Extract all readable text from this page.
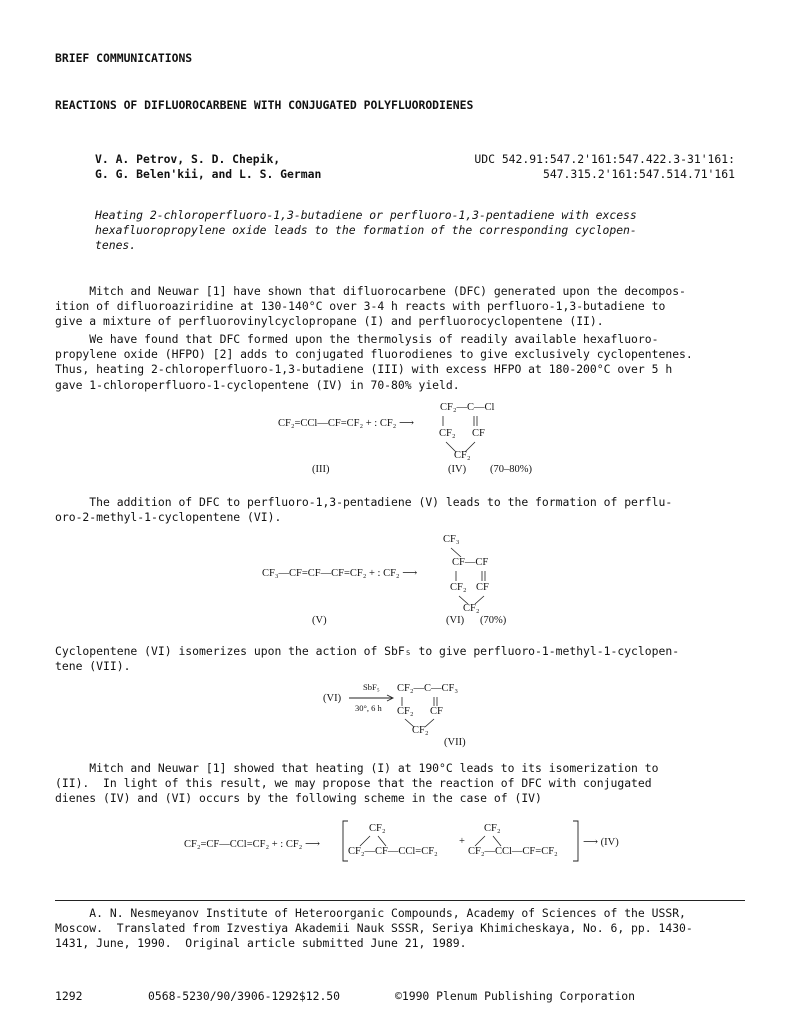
BRIEF COMMUNICATIONS
REACTIONS OF DIFLUOROCARBENE WITH CONJUGATED POLYFLUORODIENES
V. A. Petrov, S. D. Chepik,
G. G. Belen'kii, and L. S. German
UDC 542.91:547.2'161:547.422.3-31'161:
547.315.2'161:547.514.71'161
Heating 2-chloroperfluoro-1,3-butadiene or perfluoro-1,3-pentadiene with excess
hexafluoropropylene oxide leads to the formation of the corresponding cyclopen-
tenes.
Mitch and Neuwar [1] have shown that difluorocarbene (DFC) generated upon the decompos-
ition of difluoroaziridine at 130-140°C over 3-4 h reacts with perfluoro-1,3-butadiene to
give a mixture of perfluorovinylcyclopropane (I) and perfluorocyclopentene (II).
We have found that DFC formed upon the thermolysis of readily available hexafluoro-
propylene oxide (HFPO) [2] adds to conjugated fluorodienes to give exclusively cyclopentenes.
Thus, heating 2-chloroperfluoro-1,3-butadiene (III) with excess HFPO at 180-200°C over 5 h
gave 1-chloroperfluoro-1-cyclopentene (IV) in 70-80% yield.
CF₂=CCl—CF=CF₂ + : CF₂ ⟶
CF₂—C—Cl
CF₂ CF
CF₂
(III)	(IV) (70–80%)
The addition of DFC to perfluoro-1,3-pentadiene (V) leads to the formation of perflu-
oro-2-methyl-1-cyclopentene (VI).
CF₃
CF₃—CF=CF—CF=CF₂ + : CF₂ ⟶
CF—CF
CF₂ CF
CF₂
(V)	(VI) (70%)
Cyclopentene (VI) isomerizes upon the action of SbF₅ to give perfluoro-1-methyl-1-cyclopen-
tene (VII).
(VI)
SbF₅
30°, 6 h
CF₂—C—CF₃
CF₂ CF
CF₂
(VII)
Mitch and Neuwar [1] showed that heating (I) at 190°C leads to its isomerization to
(II).  In light of this result, we may propose that the reaction of DFC with conjugated
dienes (IV) and (VI) occurs by the following scheme in the case of (IV)
CF₂=CF—CCl=CF₂ + : CF₂ ⟶
CF₂
CF₂—CF—CCl=CF₂
+
CF₂
CF₂—CCl—CF=CF₂
⟶ (IV)
A. N. Nesmeyanov Institute of Heteroorganic Compounds, Academy of Sciences of the USSR,
Moscow.  Translated from Izvestiya Akademii Nauk SSSR, Seriya Khimicheskaya, No. 6, pp. 1430-
1431, June, 1990.  Original article submitted June 21, 1989.
1292	0568-5230/90/3906-1292$12.50	©1990 Plenum Publishing Corporation
